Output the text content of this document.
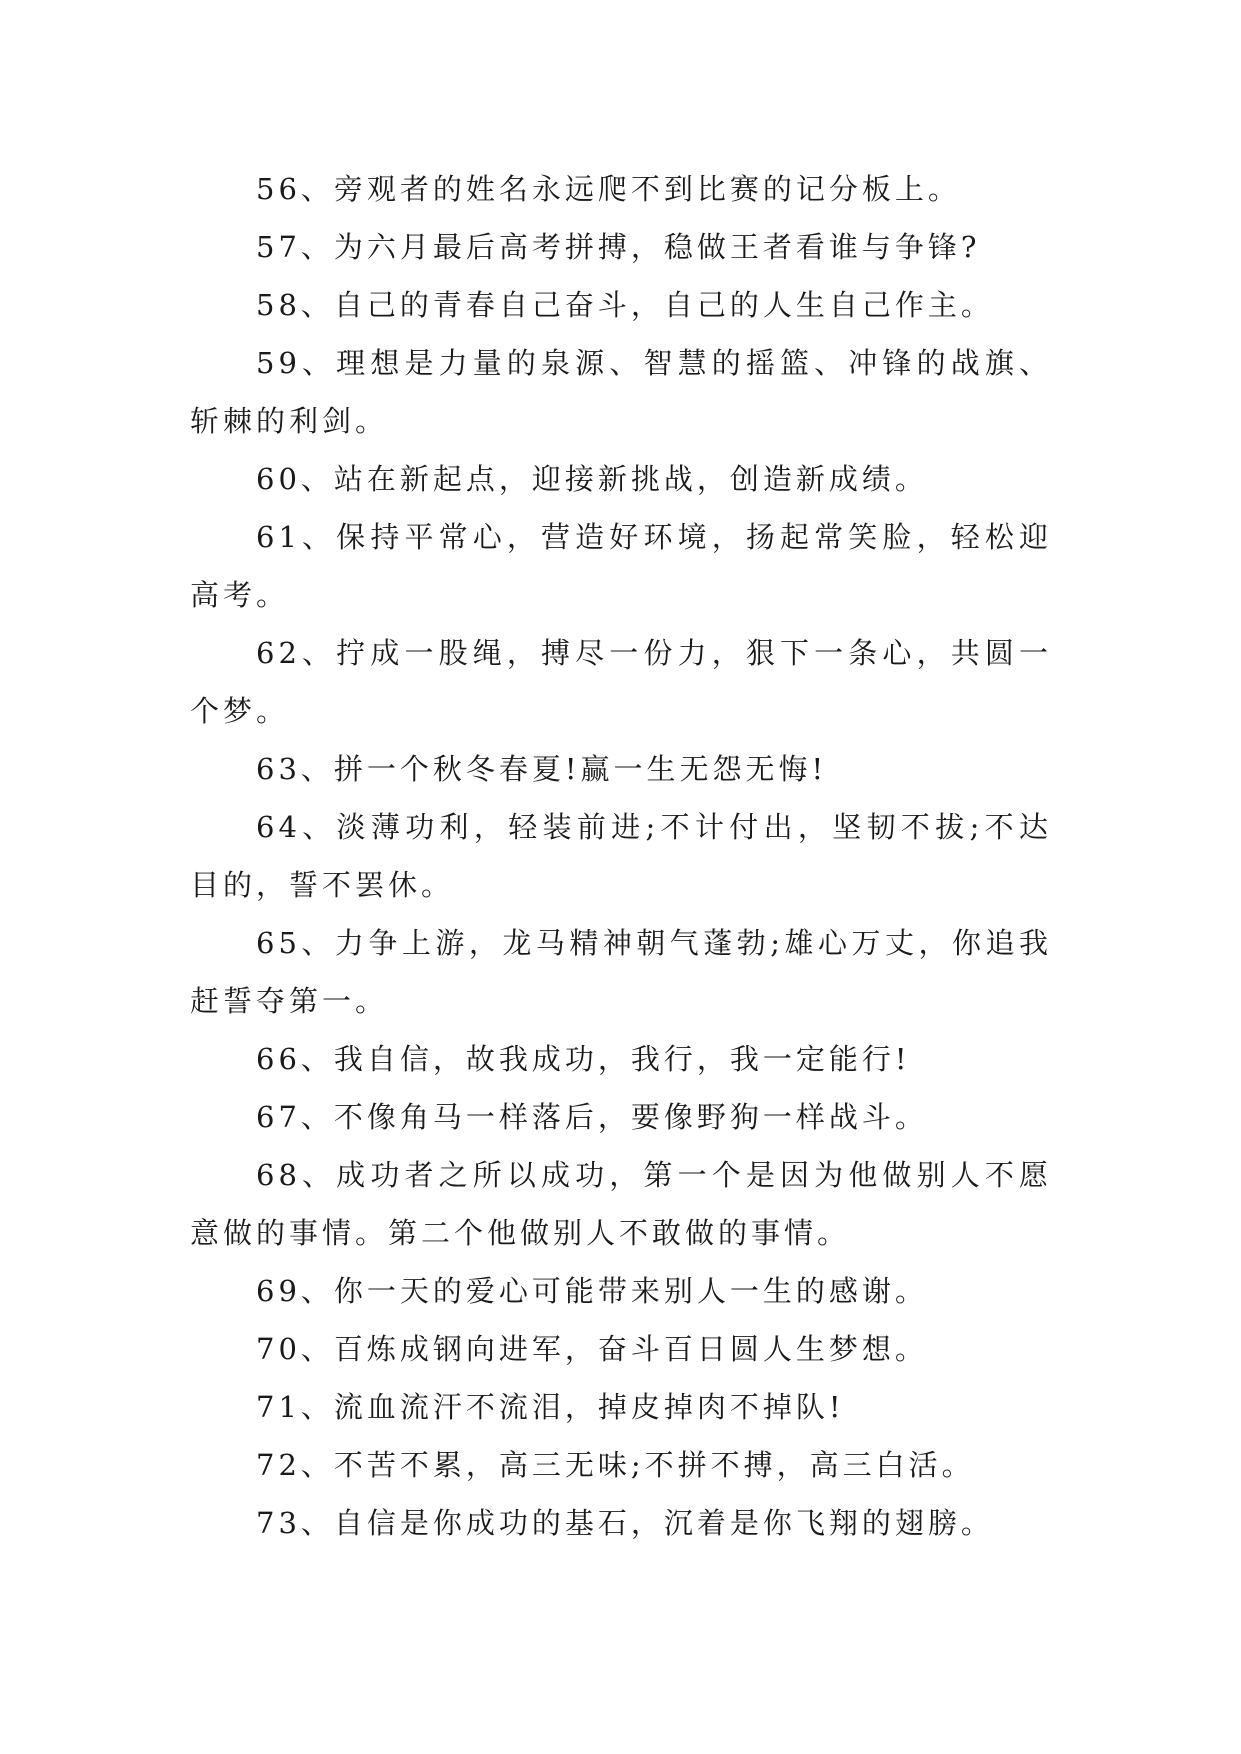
56、旁观者的姓名永远爬不到比赛的记分板上。

57、为六月最后高考拼搏，稳做王者看谁与争锋?

58、自己的青春自己奋斗，自己的人生自己作主。

59、理想是力量的泉源、智慧的摇篮、冲锋的战旗、斩棘的利剑。

60、站在新起点，迎接新挑战，创造新成绩。

61、保持平常心，营造好环境，扬起常笑脸，轻松迎高考。

62、拧成一股绳，搏尽一份力，狠下一条心，共圆一个梦。

63、拼一个秋冬春夏!赢一生无怨无悔!

64、淡薄功利，轻装前进;不计付出，坚韧不拔;不达目的，誓不罢休。

65、力争上游，龙马精神朝气蓬勃;雄心万丈，你追我赶誓夺第一。

66、我自信，故我成功，我行，我一定能行!

67、不像角马一样落后，要像野狗一样战斗。

68、成功者之所以成功，第一个是因为他做别人不愿意做的事情。第二个他做别人不敢做的事情。

69、你一天的爱心可能带来别人一生的感谢。

70、百炼成钢向进军，奋斗百日圆人生梦想。

71、流血流汗不流泪，掉皮掉肉不掉队!

72、不苦不累，高三无味;不拼不搏，高三白活。

73、自信是你成功的基石，沉着是你飞翔的翅膀。
